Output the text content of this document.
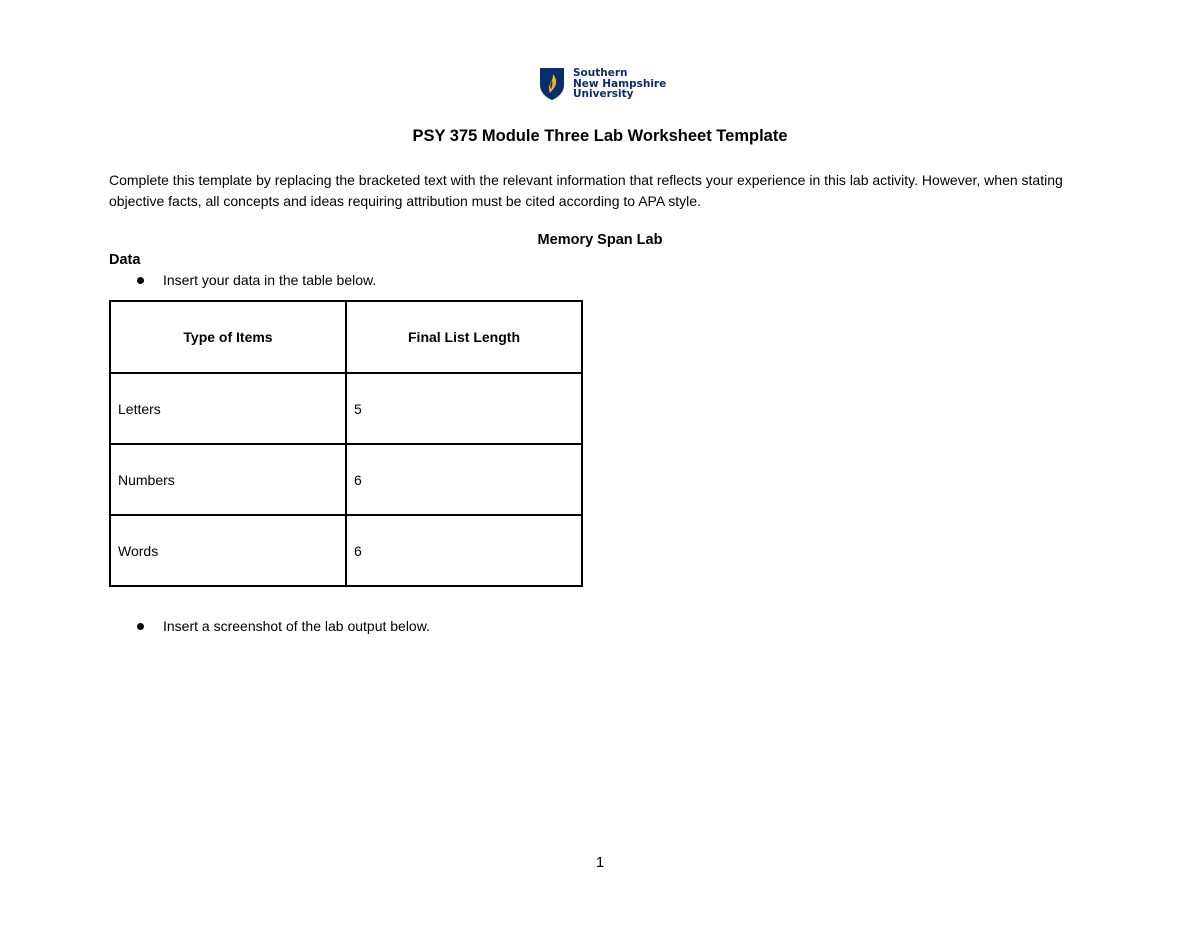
Southern
New Hampshire
University
PSY 375 Module Three Lab Worksheet Template

Complete this template by replacing the bracketed text with the relevant information that reflects your experience in this lab activity. However, when stating objective facts, all concepts and ideas requiring attribution must be cited according to APA style.

Memory Span Lab
Data
Insert your data in the table below.
Type of Items	Final List Length
Letters	5
Numbers	6
Words	6
Insert a screenshot of the lab output below.
1
